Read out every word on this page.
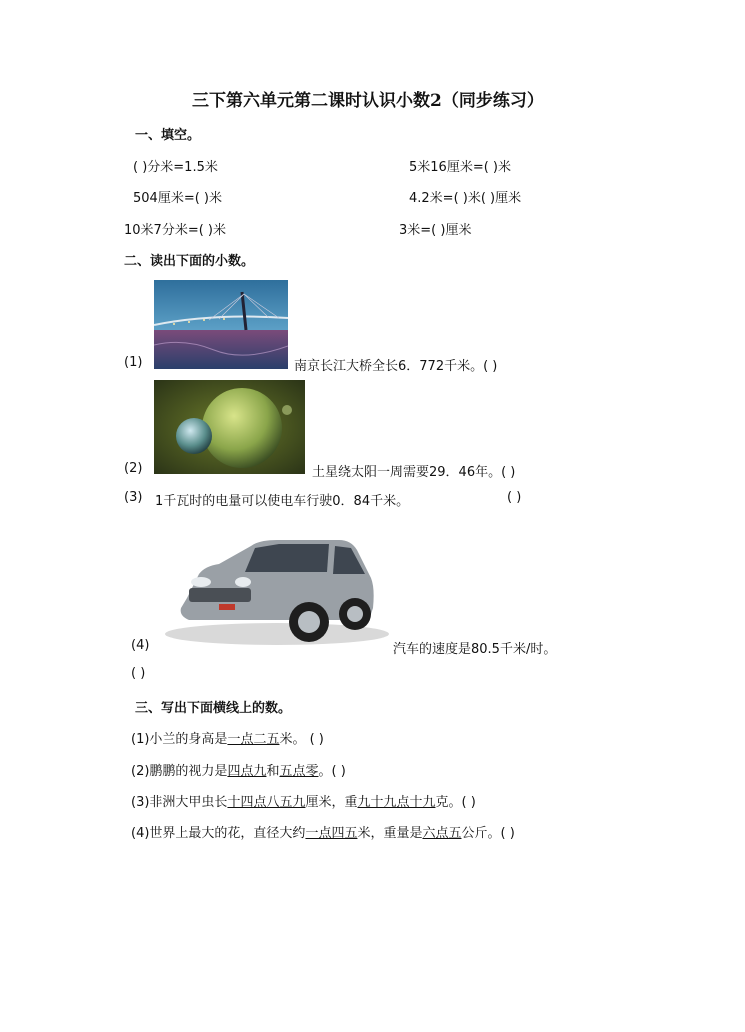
三下第六单元第二课时认识小数2（同步练习）
一、填空。
( )分米=1.5米	5米16厘米=( )米
504厘米=( )米	4.2米=( )米( )厘米
10米7分米=( )米	3米=( )厘米
二、读出下面的小数。
(1)	南京长江大桥全长6．772千米。( )
(2)	土星绕太阳一周需要29．46年。( )
(3) 1千瓦时的电量可以使电车行驶0．84千米。	( )
(4)	汽车的速度是80.5千米/时。
( )
三、写出下面横线上的数。
(1)小兰的身高是一点二五米。 ( )
(2)鹏鹏的视力是四点九和五点零。( )
(3)非洲大甲虫长十四点八五九厘米，重九十九点十九克。( )
(4)世界上最大的花，直径大约一点四五米，重量是六点五公斤。( )
